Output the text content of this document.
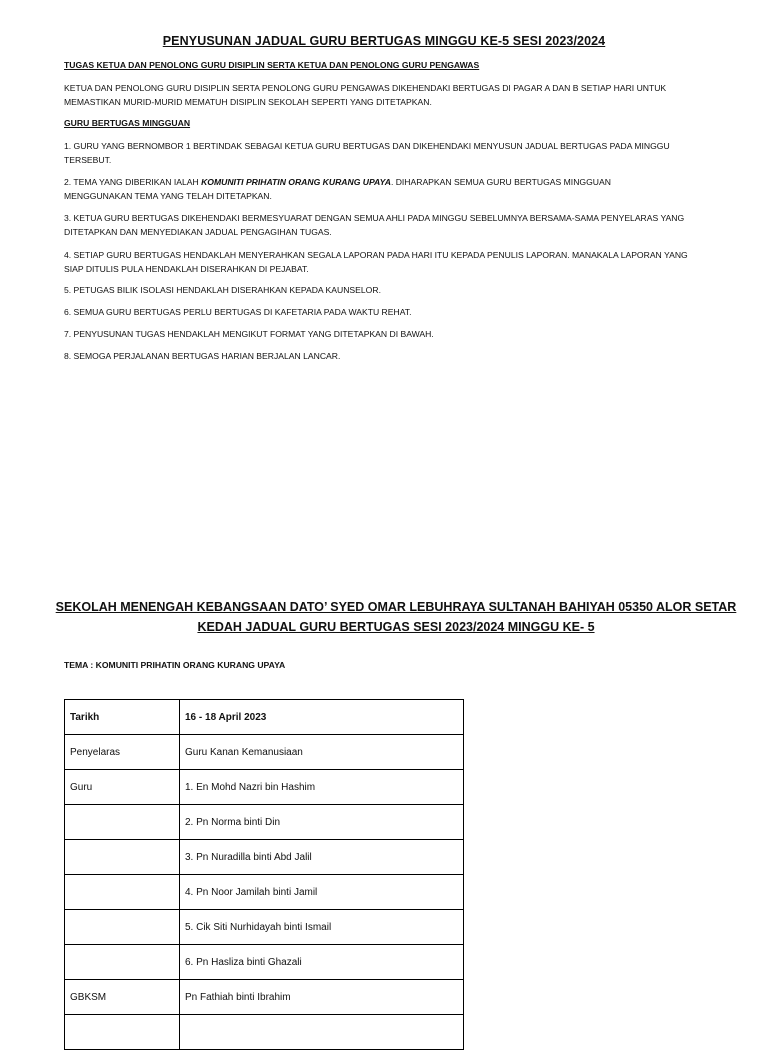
PENYUSUNAN JADUAL GURU BERTUGAS MINGGU KE-5 SESI 2023/2024
TUGAS KETUA DAN PENOLONG GURU DISIPLIN SERTA KETUA DAN PENOLONG GURU PENGAWAS
KETUA DAN PENOLONG GURU DISIPLIN SERTA PENOLONG GURU PENGAWAS DIKEHENDAKI BERTUGAS DI PAGAR A DAN B SETIAP HARI UNTUK
MEMASTIKAN MURID-MURID MEMATUH DISIPLIN SEKOLAH SEPERTI YANG DITETAPKAN.
GURU BERTUGAS MINGGUAN
1. GURU YANG BERNOMBOR 1 BERTINDAK SEBAGAI KETUA GURU BERTUGAS DAN DIKEHENDAKI MENYUSUN JADUAL BERTUGAS PADA MINGGU
TERSEBUT.
2. TEMA YANG DIBERIKAN IALAH KOMUNITI PRIHATIN ORANG KURANG UPAYA. DIHARAPKAN SEMUA GURU BERTUGAS MINGGUAN
MENGGUNAKAN TEMA YANG TELAH DITETAPKAN.
3. KETUA GURU BERTUGAS DIKEHENDAKI BERMESYUARAT DENGAN SEMUA AHLI PADA MINGGU SEBELUMNYA BERSAMA-SAMA PENYELARAS YANG
DITETAPKAN DAN MENYEDIAKAN JADUAL PENGAGIHAN TUGAS.
4. SETIAP GURU BERTUGAS HENDAKLAH MENYERAHKAN SEGALA LAPORAN PADA HARI ITU KEPADA PENULIS LAPORAN. MANAKALA LAPORAN YANG
SIAP DITULIS PULA HENDAKLAH DISERAHKAN DI PEJABAT.
5. PETUGAS BILIK ISOLASI HENDAKLAH DISERAHKAN KEPADA KAUNSELOR.
6. SEMUA GURU BERTUGAS PERLU BERTUGAS DI KAFETARIA PADA WAKTU REHAT.
7. PENYUSUNAN TUGAS HENDAKLAH MENGIKUT FORMAT YANG DITETAPKAN DI BAWAH.
8. SEMOGA PERJALANAN BERTUGAS HARIAN BERJALAN LANCAR.
SEKOLAH MENENGAH KEBANGSAAN DATO’ SYED OMAR LEBUHRAYA SULTANAH BAHIYAH 05350 ALOR SETAR
KEDAH JADUAL GURU BERTUGAS SESI 2023/2024 MINGGU KE- 5
TEMA : KOMUNITI PRIHATIN ORANG KURANG UPAYA
Tarikh	16 - 18 April 2023
Penyelaras	Guru Kanan Kemanusiaan
Guru	1. En Mohd Nazri bin Hashim
	2. Pn Norma binti Din
	3. Pn Nuradilla binti Abd Jalil
	4. Pn Noor Jamilah binti Jamil
	5. Cik Siti Nurhidayah binti Ismail
	6. Pn Hasliza binti Ghazali
GBKSM	Pn Fathiah binti Ibrahim
